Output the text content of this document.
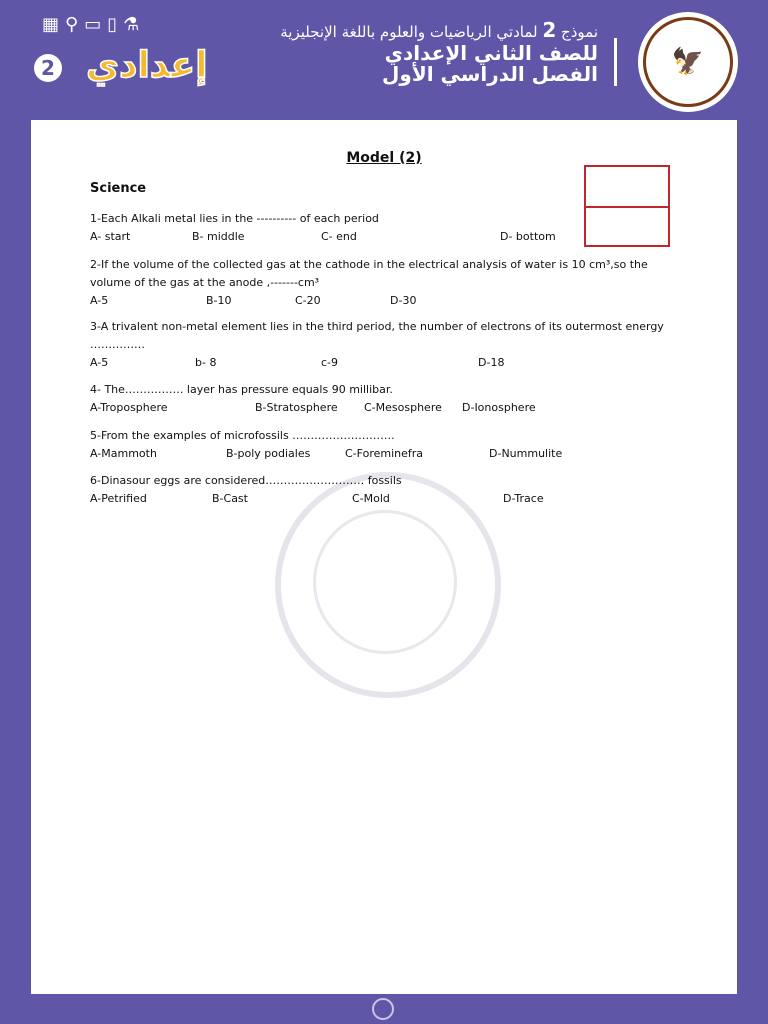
▦ ⚲ ▭ ▯ ⚗
2 إعدادي
نموذج 2 لمادتي الرياضيات والعلوم باللغة الإنجليزية
للصف الثاني الإعدادي
الفصل الدراسي الأول	🦅
Model (2)
Science
1-Each Alkali metal lies in the ---------- of each period
A- start	B- middle	C- end	D- bottom
2-If the volume of the collected gas at the cathode in the electrical analysis of water is 10 cm³,so the
volume of the gas at the anode ,-------cm³
A-5	B-10	C-20	D-30
3-A trivalent non-metal element lies in the third period, the number of electrons of its outermost energy
……………
A-5	b- 8	c-9	D-18
4- The……………. layer has pressure equals 90 millibar.
A-Troposphere	B-Stratosphere C-Mesosphere D-Ionosphere
5-From the examples of microfossils ……………………….
A-Mammoth	B-poly podiales	C-Foreminefra	D-Nummulite
6-Dinasour eggs are considered……………………… fossils
A-Petrified	B-Cast	C-Mold	D-Trace
